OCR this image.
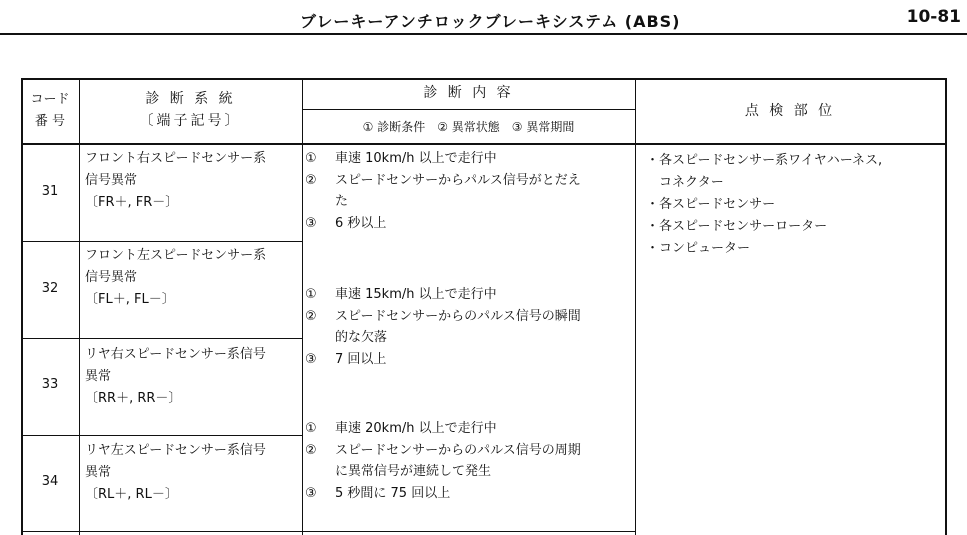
ブレーキーアンチロックブレーキシステム (ABS)	10-81
コード
番 号
診 断 系 統
〔端子記号〕
診 断 内 容
① 診断条件　② 異常状態　③ 異常期間
点 検 部 位
31
フロント右スピードセンサー系
信号異常
〔FR＋, FR－〕
32
フロント左スピードセンサー系
信号異常
〔FL＋, FL－〕
33
リヤ右スピードセンサー系信号
異常
〔RR＋, RR－〕
34
リヤ左スピードセンサー系信号
異常
〔RL＋, RL－〕
① 車速 10km/h 以上で走行中
② スピードセンサーからパルス信号がとだえ
た
③ 6 秒以上
① 車速 15km/h 以上で走行中
② スピードセンサーからのパルス信号の瞬間
的な欠落
③ 7 回以上
① 車速 20km/h 以上で走行中
② スピードセンサーからのパルス信号の周期
に異常信号が連続して発生
③ 5 秒間に 75 回以上
・各スピードセンサー系ワイヤハーネス,
　コネクター
・各スピードセンサー
・各スピードセンサーローター
・コンピューター
